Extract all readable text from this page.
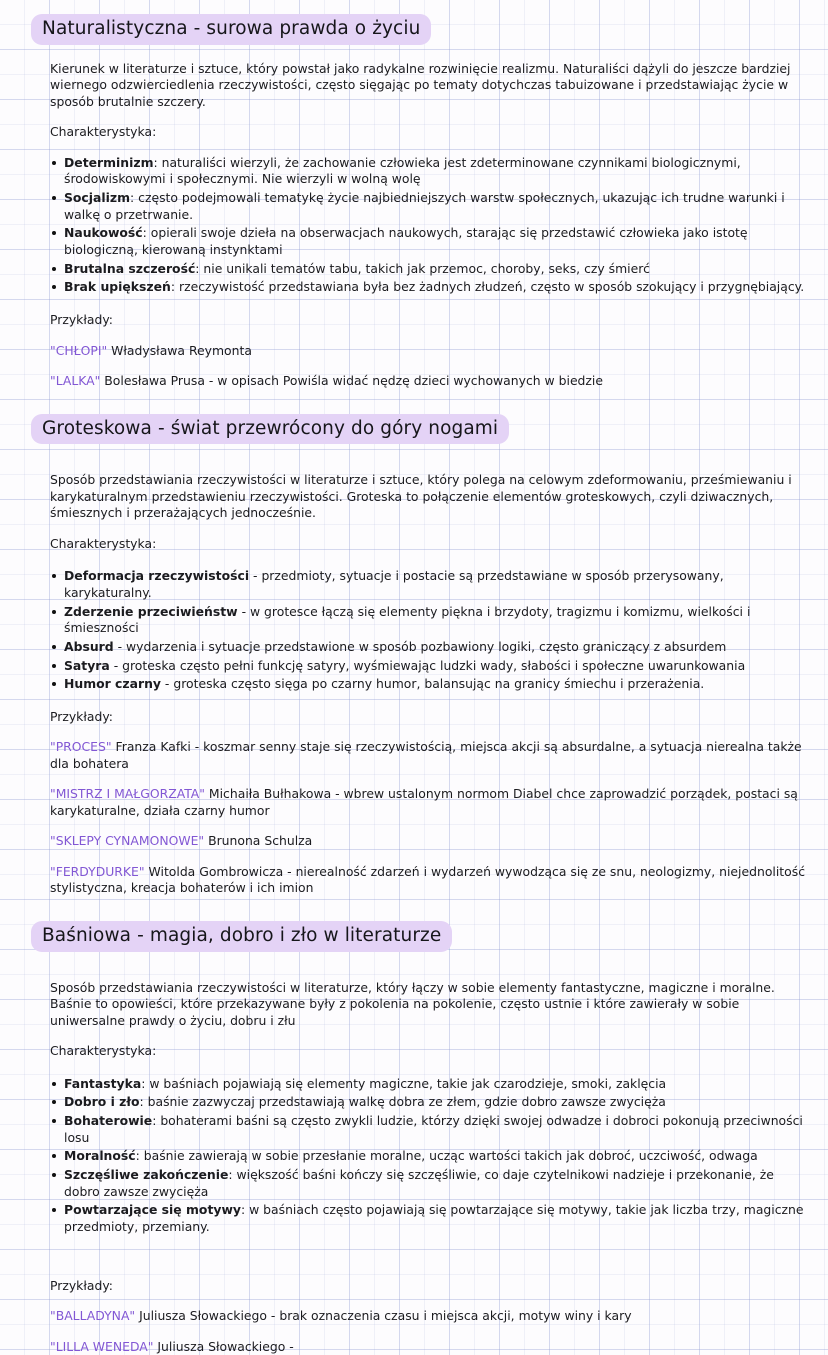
Naturalistyczna - surowa prawda o życiu

Kierunek w literaturze i sztuce, który powstał jako radykalne rozwinięcie realizmu. Naturaliści dążyli do jeszcze bardziej wiernego odzwierciedlenia rzeczywistości, często sięgając po tematy dotychczas tabuizowane i przedstawiając życie w sposób brutalnie szczery.

Charakterystyka:

Determinizm: naturaliści wierzyli, że zachowanie człowieka jest zdeterminowane czynnikami biologicznymi, środowiskowymi i społecznymi. Nie wierzyli w wolną wolę
Socjalizm: często podejmowali tematykę życie najbiedniejszych warstw społecznych, ukazując ich trudne warunki i walkę o przetrwanie.
Naukowość: opierali swoje dzieła na obserwacjach naukowych, starając się przedstawić człowieka jako istotę biologiczną, kierowaną instynktami
Brutalna szczerość: nie unikali tematów tabu, takich jak przemoc, choroby, seks, czy śmierć
Brak upiększeń: rzeczywistość przedstawiana była bez żadnych złudzeń, często w sposób szokujący i przygnębiający.

Przykłady:

"CHŁOPI" Władysława Reymonta

"LALKA" Bolesława Prusa - w opisach Powiśla widać nędzę dzieci wychowanych w biedzie

Groteskowa - świat przewrócony do góry nogami

Sposób przedstawiania rzeczywistości w literaturze i sztuce, który polega na celowym zdeformowaniu, prześmiewaniu i karykaturalnym przedstawieniu rzeczywistości. Groteska to połączenie elementów groteskowych, czyli dziwacznych, śmiesznych i przerażających jednocześnie.

Charakterystyka:

Deformacja rzeczywistości - przedmioty, sytuacje i postacie są przedstawiane w sposób przerysowany, karykaturalny.
Zderzenie przeciwieństw - w grotesce łączą się elementy piękna i brzydoty, tragizmu i komizmu, wielkości i śmieszności
Absurd - wydarzenia i sytuacje przedstawione w sposób pozbawiony logiki, często graniczący z absurdem
Satyra - groteska często pełni funkcję satyry, wyśmiewając ludzki wady, słabości i społeczne uwarunkowania
Humor czarny - groteska często sięga po czarny humor, balansując na granicy śmiechu i przerażenia.

Przykłady:

"PROCES" Franza Kafki - koszmar senny staje się rzeczywistością, miejsca akcji są absurdalne, a sytuacja nierealna także dla bohatera

"MISTRZ I MAŁGORZATA" Michaiła Bułhakowa - wbrew ustalonym normom Diabel chce zaprowadzić porządek, postaci są karykaturalne, działa czarny humor

"SKLEPY CYNAMONOWE" Brunona Schulza

"FERDYDURKE" Witolda Gombrowicza - nierealność zdarzeń i wydarzeń wywodząca się ze snu, neologizmy, niejednolitość stylistyczna, kreacja bohaterów i ich imion

Baśniowa - magia, dobro i zło w literaturze

Sposób przedstawiania rzeczywistości w literaturze, który łączy w sobie elementy fantastyczne, magiczne i moralne. Baśnie to opowieści, które przekazywane były z pokolenia na pokolenie, często ustnie i które zawierały w sobie uniwersalne prawdy o życiu, dobru i złu

Charakterystyka:

Fantastyka: w baśniach pojawiają się elementy magiczne, takie jak czarodzieje, smoki, zaklęcia
Dobro i zło: baśnie zazwyczaj przedstawiają walkę dobra ze złem, gdzie dobro zawsze zwycięża
Bohaterowie: bohaterami baśni są często zwykli ludzie, którzy dzięki swojej odwadze i dobroci pokonują przeciwności losu
Moralność: baśnie zawierają w sobie przesłanie moralne, ucząc wartości takich jak dobroć, uczciwość, odwaga
Szczęśliwe zakończenie: większość baśni kończy się szczęśliwie, co daje czytelnikowi nadzieje i przekonanie, że dobro zawsze zwycięża
Powtarzające się motywy: w baśniach często pojawiają się powtarzające się motywy, takie jak liczba trzy, magiczne przedmioty, przemiany.

Przykłady:

"BALLADYNA" Juliusza Słowackiego - brak oznaczenia czasu i miejsca akcji, motyw winy i kary

"LILLA WENEDA" Juliusza Słowackiego -
